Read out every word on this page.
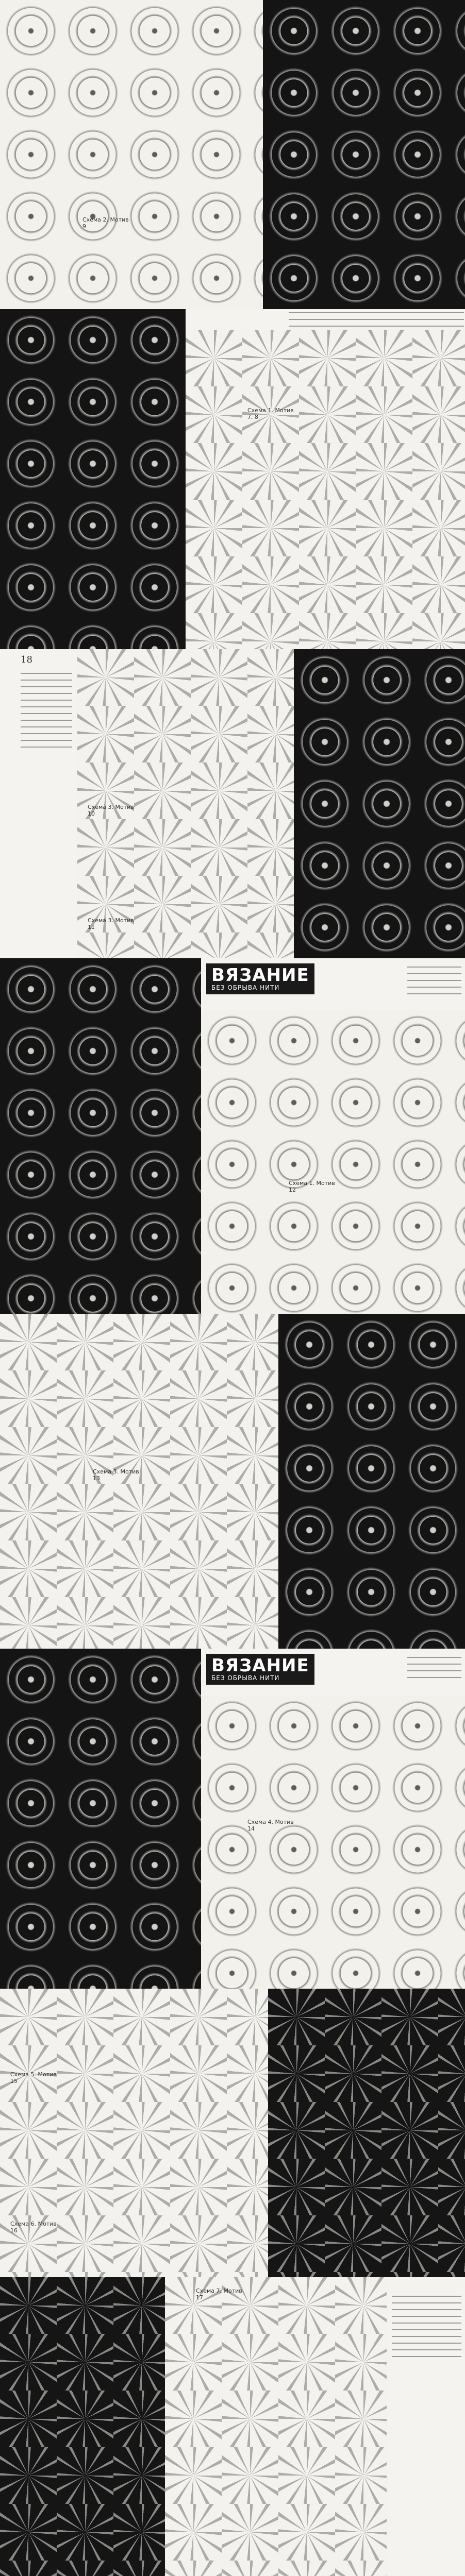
Схема 2. Мотив 9
Схема 1. Мотив 7, 8
18
Схема 3. Мотив 10
Схема 3. Мотив 11
ВЯЗАНИЕ
БЕЗ ОБРЫВА НИТИ
Схема 1. Мотив 12
Схема 3. Мотив 13
ВЯЗАНИЕ
БЕЗ ОБРЫВА НИТИ
Схема 4. Мотив 14
Схема 5. Мотив 15
Схема 6. Мотив 16
Схема 7. Мотив 17
